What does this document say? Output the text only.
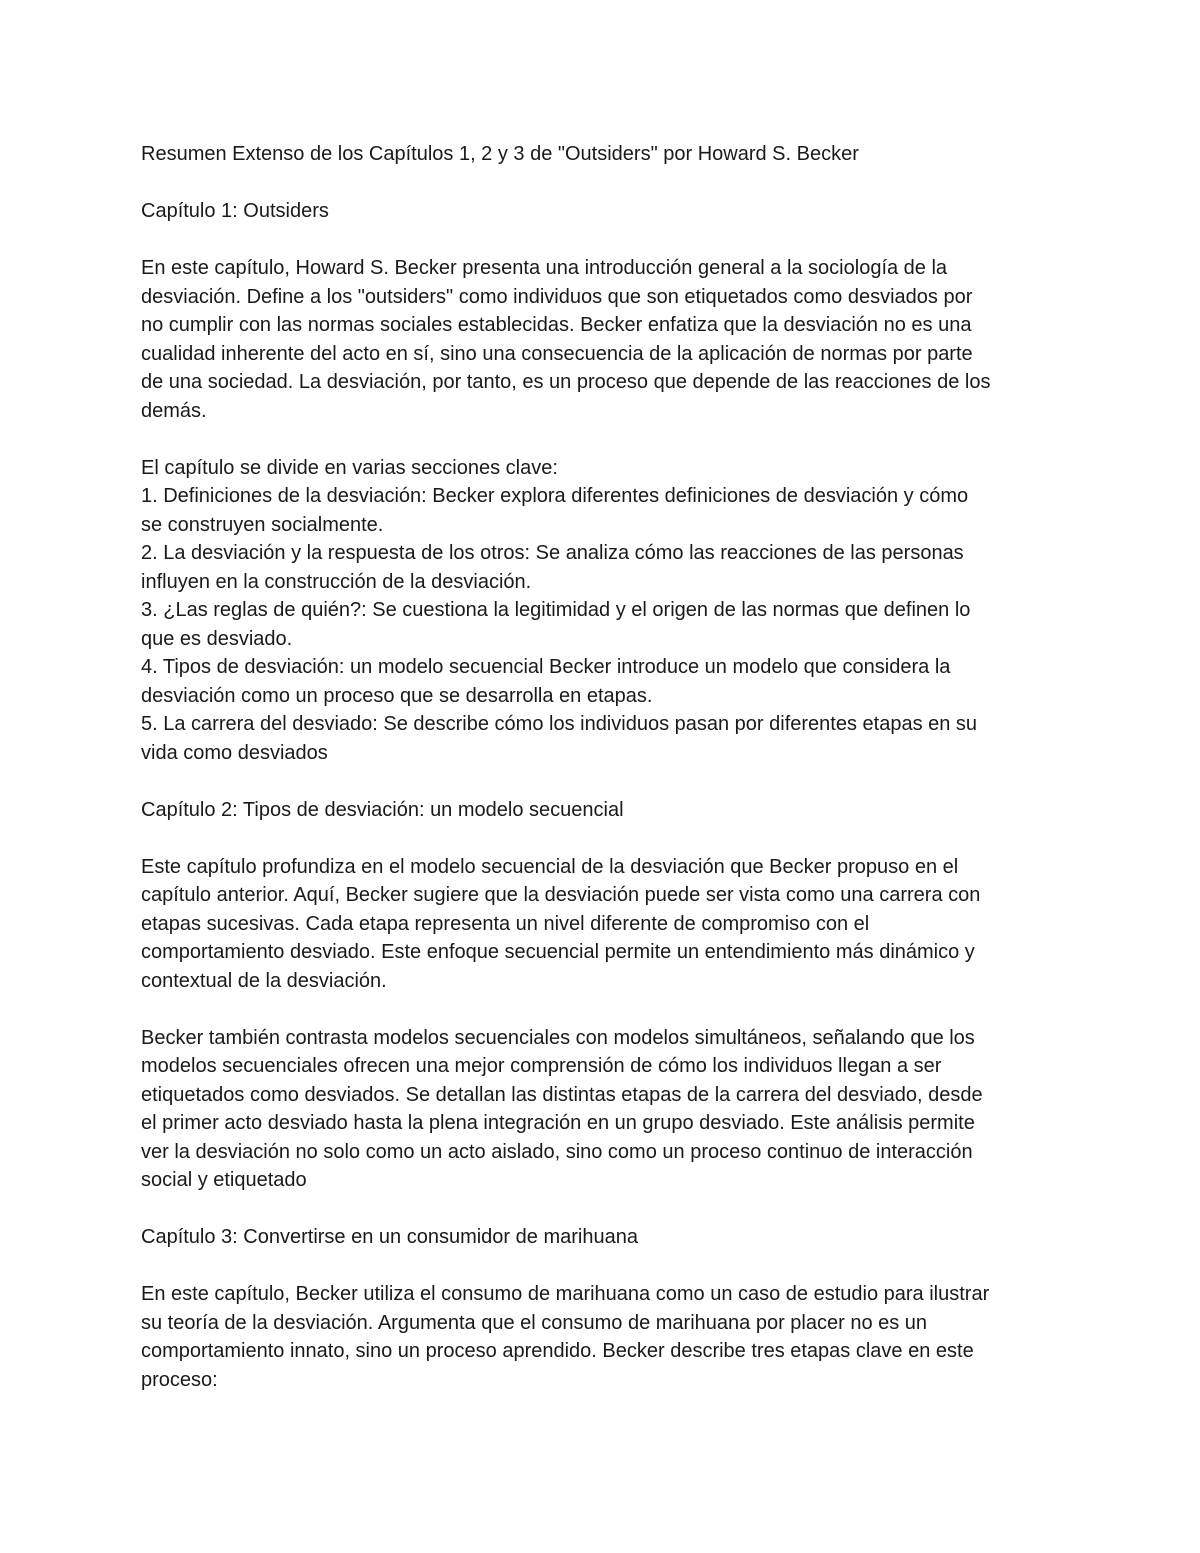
Resumen Extenso de los Capítulos 1, 2 y 3 de "Outsiders" por Howard S. Becker

Capítulo 1: Outsiders

En este capítulo, Howard S. Becker presenta una introducción general a la sociología de la

desviación. Define a los "outsiders" como individuos que son etiquetados como desviados por

no cumplir con las normas sociales establecidas. Becker enfatiza que la desviación no es una

cualidad inherente del acto en sí, sino una consecuencia de la aplicación de normas por parte

de una sociedad. La desviación, por tanto, es un proceso que depende de las reacciones de los

demás.

El capítulo se divide en varias secciones clave:

1. Definiciones de la desviación: Becker explora diferentes definiciones de desviación y cómo

se construyen socialmente.

2. La desviación y la respuesta de los otros: Se analiza cómo las reacciones de las personas

influyen en la construcción de la desviación.

3. ¿Las reglas de quién?: Se cuestiona la legitimidad y el origen de las normas que definen lo

que es desviado.

4. Tipos de desviación: un modelo secuencial Becker introduce un modelo que considera la

desviación como un proceso que se desarrolla en etapas.

5. La carrera del desviado: Se describe cómo los individuos pasan por diferentes etapas en su

vida como desviados

Capítulo 2: Tipos de desviación: un modelo secuencial

Este capítulo profundiza en el modelo secuencial de la desviación que Becker propuso en el

capítulo anterior. Aquí, Becker sugiere que la desviación puede ser vista como una carrera con

etapas sucesivas. Cada etapa representa un nivel diferente de compromiso con el

comportamiento desviado. Este enfoque secuencial permite un entendimiento más dinámico y

contextual de la desviación.

Becker también contrasta modelos secuenciales con modelos simultáneos, señalando que los

modelos secuenciales ofrecen una mejor comprensión de cómo los individuos llegan a ser

etiquetados como desviados. Se detallan las distintas etapas de la carrera del desviado, desde

el primer acto desviado hasta la plena integración en un grupo desviado. Este análisis permite

ver la desviación no solo como un acto aislado, sino como un proceso continuo de interacción

social y etiquetado

Capítulo 3: Convertirse en un consumidor de marihuana

En este capítulo, Becker utiliza el consumo de marihuana como un caso de estudio para ilustrar

su teoría de la desviación. Argumenta que el consumo de marihuana por placer no es un

comportamiento innato, sino un proceso aprendido. Becker describe tres etapas clave en este

proceso:
